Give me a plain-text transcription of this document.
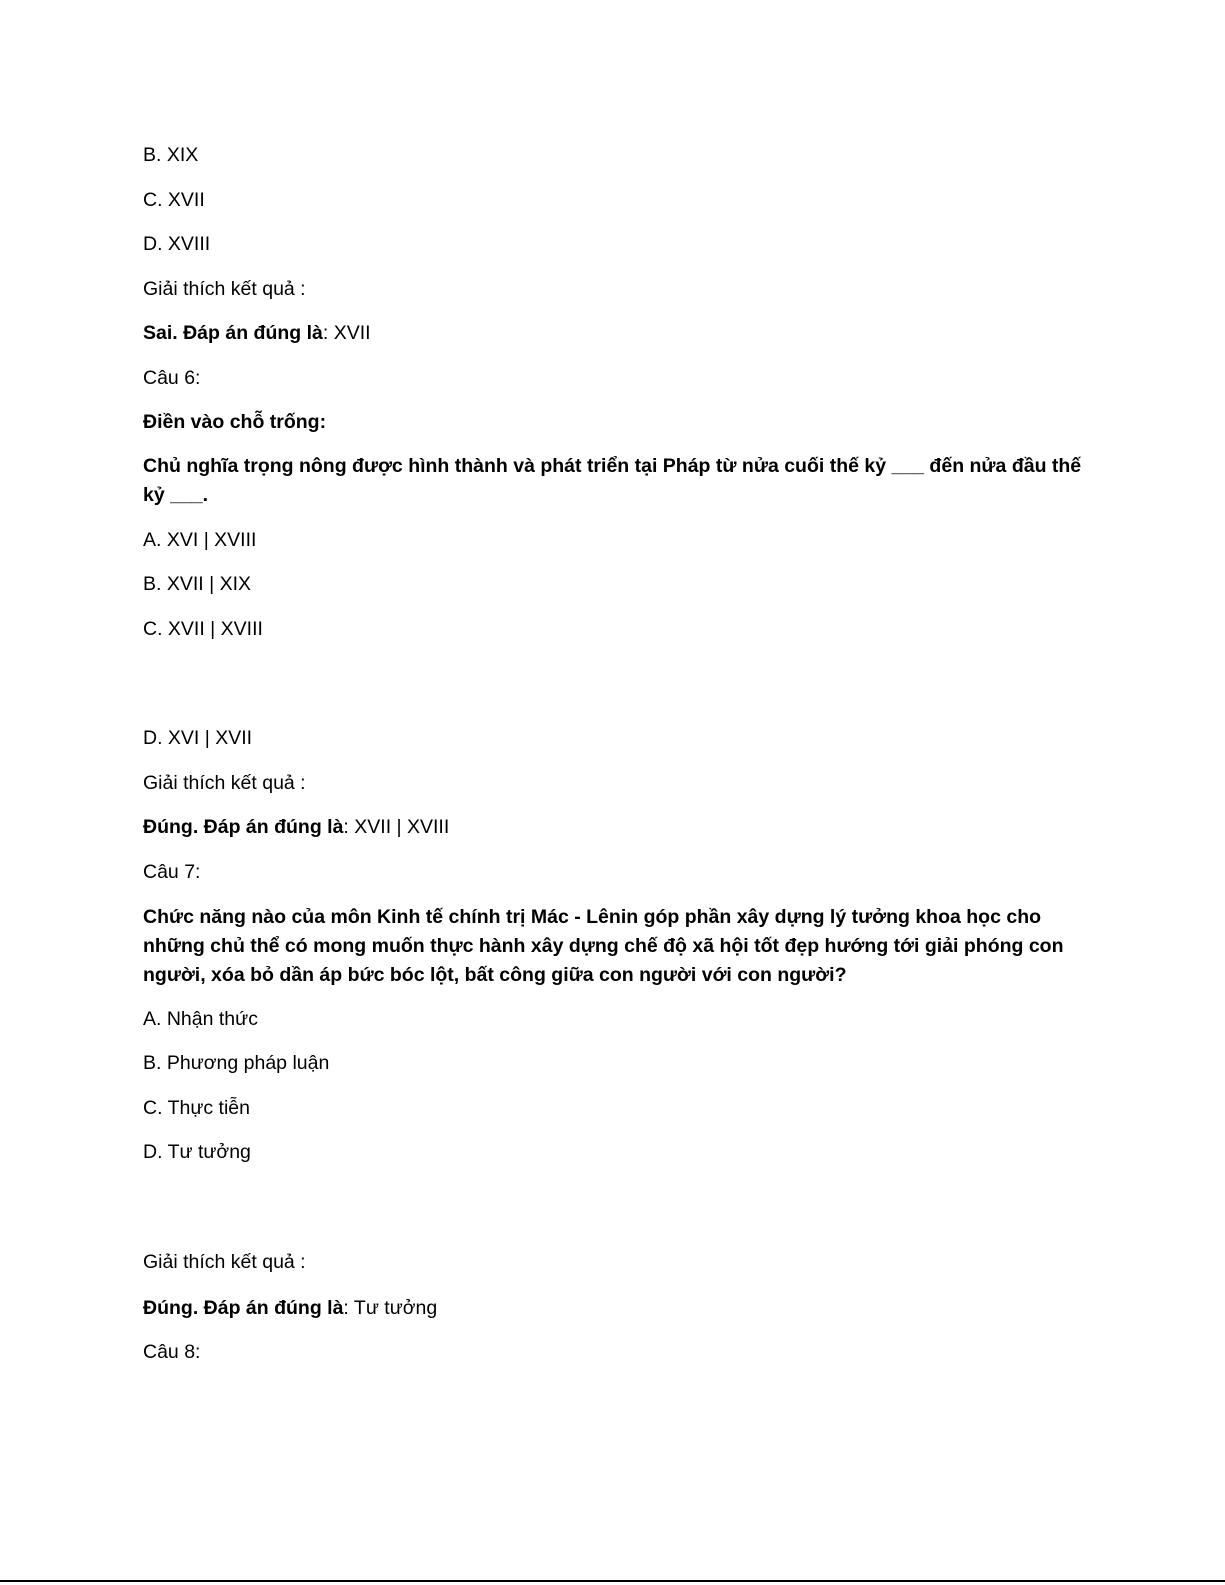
B. XIX
C. XVII
D. XVIII
Giải thích kết quả :
Sai. Đáp án đúng là: XVII
Câu 6:
Điền vào chỗ trống:
Chủ nghĩa trọng nông được hình thành và phát triển tại Pháp từ nửa cuối thế kỷ ___ đến nửa đầu thế kỷ ___.
A. XVI | XVIII
B. XVII | XIX
C. XVII | XVIII
D. XVI | XVII
Giải thích kết quả :
Đúng. Đáp án đúng là: XVII | XVIII
Câu 7:
Chức năng nào của môn Kinh tế chính trị Mác - Lênin góp phần xây dựng lý tưởng khoa học cho những chủ thể có mong muốn thực hành xây dựng chế độ xã hội tốt đẹp hướng tới giải phóng con người, xóa bỏ dần áp bức bóc lột, bất công giữa con người với con người?
A. Nhận thức
B. Phương pháp luận
C. Thực tiễn
D. Tư tưởng
Giải thích kết quả :
Đúng. Đáp án đúng là: Tư tưởng
Câu 8:
